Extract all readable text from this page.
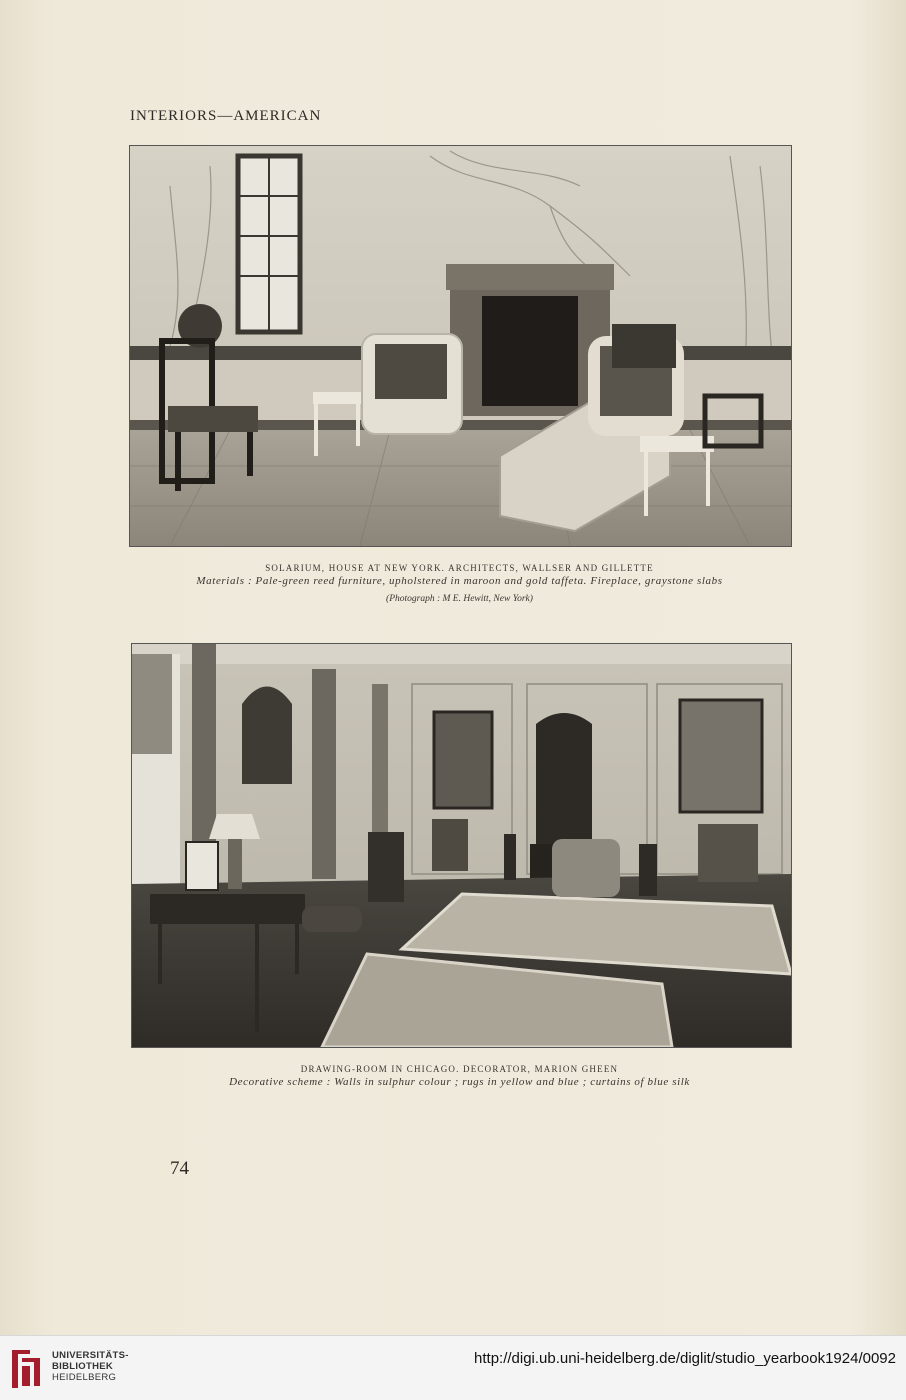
INTERIORS—AMERICAN
SOLARIUM, HOUSE AT NEW YORK. ARCHITECTS, WALLSER AND GILLETTE
Materials : Pale-green reed furniture, upholstered in maroon and gold taffeta. Fireplace, graystone slabs
(Photograph : M E. Hewitt, New York)
DRAWING-ROOM IN CHICAGO. DECORATOR, MARION GHEEN
Decorative scheme : Walls in sulphur colour ; rugs in yellow and blue ; curtains of blue silk
74
UNIVERSITÄTS-
BIBLIOTHEK
HEIDELBERG
http://digi.ub.uni-heidelberg.de/diglit/studio_yearbook1924/0092
